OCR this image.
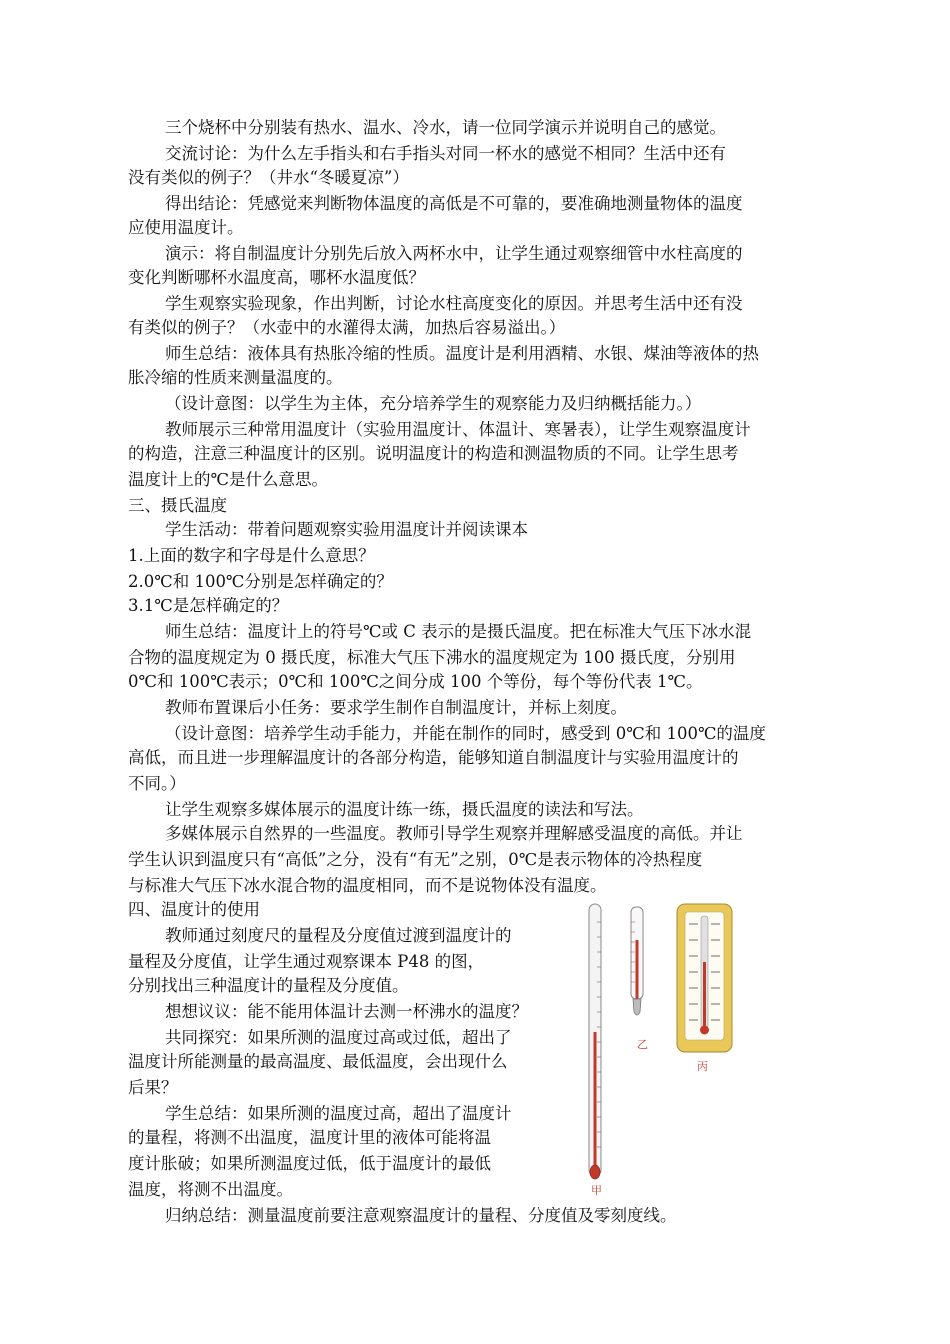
三个烧杯中分别装有热水、温水、冷水，请一位同学演示并说明自己的感觉。
交流讨论：为什么左手指头和右手指头对同一杯水的感觉不相同？生活中还有
没有类似的例子？（井水“冬暖夏凉”）
得出结论：凭感觉来判断物体温度的高低是不可靠的，要准确地测量物体的温度
应使用温度计。
演示：将自制温度计分别先后放入两杯水中，让学生通过观察细管中水柱高度的
变化判断哪杯水温度高，哪杯水温度低？
学生观察实验现象，作出判断，讨论水柱高度变化的原因。并思考生活中还有没
有类似的例子？（水壶中的水灌得太满，加热后容易溢出。）
师生总结：液体具有热胀冷缩的性质。温度计是利用酒精、水银、煤油等液体的热
胀冷缩的性质来测量温度的。
（设计意图：以学生为主体，充分培养学生的观察能力及归纳概括能力。）
教师展示三种常用温度计（实验用温度计、体温计、寒暑表），让学生观察温度计
的构造，注意三种温度计的区别。说明温度计的构造和测温物质的不同。让学生思考
温度计上的℃是什么意思。
三、摄氏温度
学生活动：带着问题观察实验用温度计并阅读课本
1.上面的数字和字母是什么意思？
2.0℃和 100℃分别是怎样确定的？
3.1℃是怎样确定的？
师生总结：温度计上的符号℃或 C 表示的是摄氏温度。把在标准大气压下冰水混
合物的温度规定为 0 摄氏度，标准大气压下沸水的温度规定为 100 摄氏度，分别用
0℃和 100℃表示；0℃和 100℃之间分成 100 个等份，每个等份代表 1℃。
教师布置课后小任务：要求学生制作自制温度计，并标上刻度。
（设计意图：培养学生动手能力，并能在制作的同时，感受到 0℃和 100℃的温度
高低，而且进一步理解温度计的各部分构造，能够知道自制温度计与实验用温度计的
不同。）
让学生观察多媒体展示的温度计练一练，摄氏温度的读法和写法。
多媒体展示自然界的一些温度。教师引导学生观察并理解感受温度的高低。并让
学生认识到温度只有“高低”之分，没有“有无”之别，0℃是表示物体的冷热程度
与标准大气压下冰水混合物的温度相同，而不是说物体没有温度。
四、温度计的使用
教师通过刻度尺的量程及分度值过渡到温度计的
量程及分度值，让学生通过观察课本 P48 的图，
分别找出三种温度计的量程及分度值。
想想议议：能不能用体温计去测一杯沸水的温度？
共同探究：如果所测的温度过高或过低，超出了
温度计所能测量的最高温度、最低温度，会出现什么
后果？
学生总结：如果所测的温度过高，超出了温度计
的量程，将测不出温度，温度计里的液体可能将温
度计胀破；如果所测温度过低，低于温度计的最低
温度，将测不出温度。
归纳总结：测量温度前要注意观察温度计的量程、分度值及零刻度线。
甲
乙
丙
